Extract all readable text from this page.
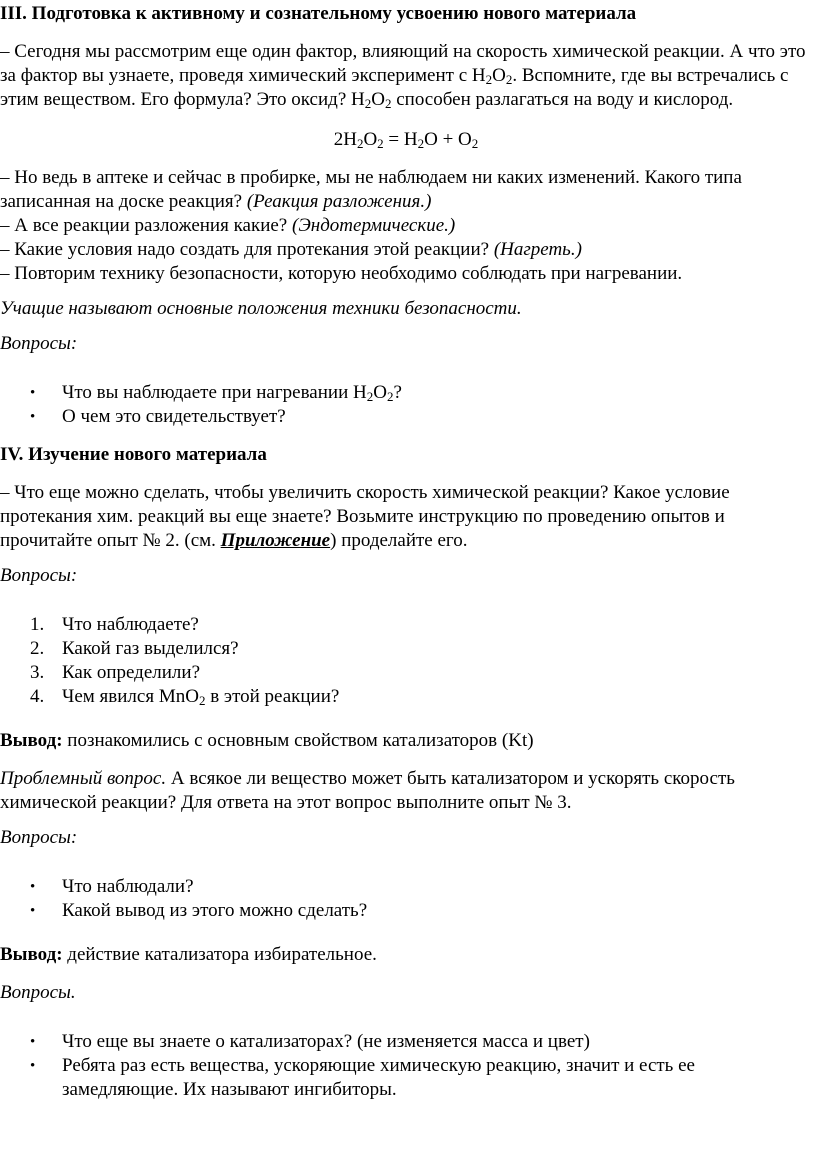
III. Подготовка к активному и сознательному усвоению нового материала

– Сегодня мы рассмотрим еще один фактор, влияющий на скорость химической реакции. А что это за фактор вы узнаете, проведя химический эксперимент с $H_2O_2$. Вспомните, где вы встречались с этим веществом. Его формула? Это оксид? $H_2O_2$ способен разлагаться на воду и кислород.

$2H_2O_2 = H_2O + O_2$

– Но ведь в аптеке и сейчас в пробирке, мы не наблюдаем ни каких изменений. Какого типа записанная на доске реакция? (Реакция разложения.)

– А все реакции разложения какие? (Эндотермические.)

– Какие условия надо создать для протекания этой реакции? (Нагреть.)

– Повторим технику безопасности, которую необходимо соблюдать при нагревании.

Учащие называют основные положения техники безопасности.

Вопросы:

• Что вы наблюдаете при нагревании $H_2O_2$?
• О чем это свидетельствует?

IV. Изучение нового материала

– Что еще можно сделать, чтобы увеличить скорость химической реакции? Какое условие протекания хим. реакций вы еще знаете? Возьмите инструкцию по проведению опытов и прочитайте опыт № 2. (см. Приложение) проделайте его.

Вопросы:

1. Что наблюдаете?
2. Какой газ выделился?
3. Как определили?
4. Чем явился MnO$_2$ в этой реакции?

Вывод: познакомились с основным свойством катализаторов (Kt)

Проблемный вопрос. А всякое ли вещество может быть катализатором и ускорять скорость химической реакции? Для ответа на этот вопрос выполните опыт № 3.

Вопросы:

• Что наблюдали?
• Какой вывод из этого можно сделать?

Вывод: действие катализатора избирательное.

Вопросы.

• Что еще вы знаете о катализаторах? (не изменяется масса и цвет)
• Ребята раз есть вещества, ускоряющие химическую реакцию, значит и есть ее замедляющие. Их называют ингибиторы.
